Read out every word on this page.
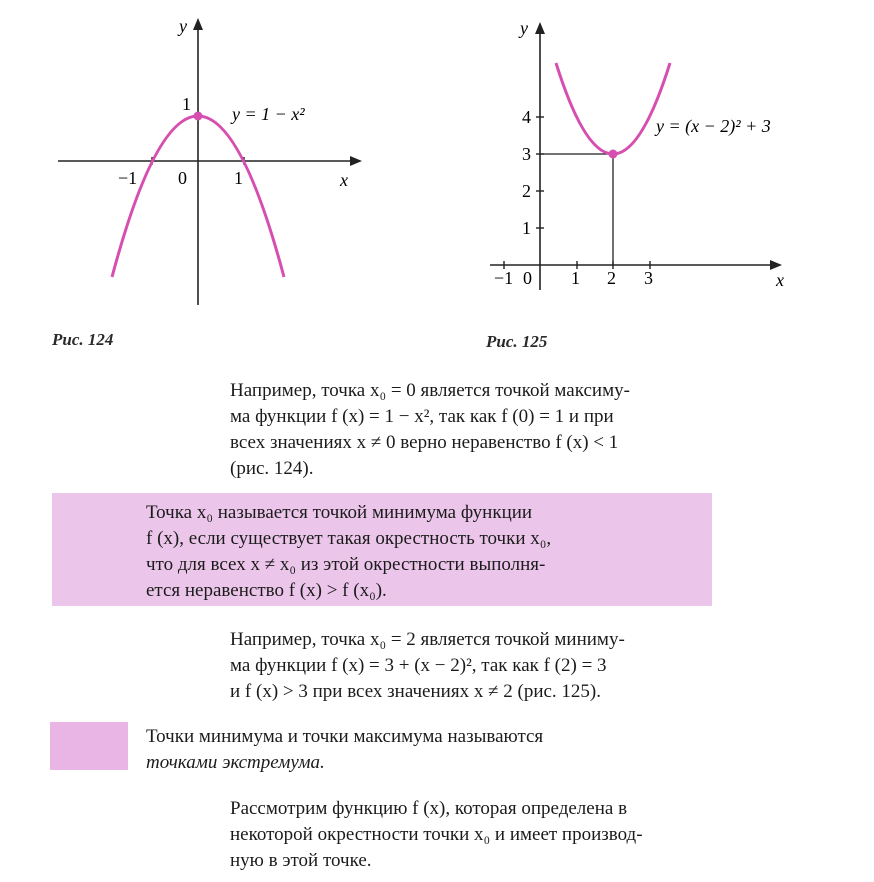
y
x
−1 0	1
1 y = 1 − x²
Рис. 124
y
x
−1 0 1 2 3
1
2
3
4	y = (x − 2)² + 3
Рис. 125
Например, точка x₀ = 0 является точкой максиму-
ма функции f (x) = 1 − x², так как f (0) = 1 и при
всех значениях x ≠ 0 верно неравенство f (x) < 1
(рис. 124).
Точка x₀ называется точкой минимума функции
f (x), если существует такая окрестность точки x₀,
что для всех x ≠ x₀ из этой окрестности выполня-
ется неравенство f (x) > f (x₀).
Например, точка x₀ = 2 является точкой миниму-
ма функции f (x) = 3 + (x − 2)², так как f (2) = 3
и f (x) > 3 при всех значениях x ≠ 2 (рис. 125).
Точки минимума и точки максимума называются
точками экстремума.
Рассмотрим функцию f (x), которая определена в
некоторой окрестности точки x₀ и имеет производ-
ную в этой точке.
